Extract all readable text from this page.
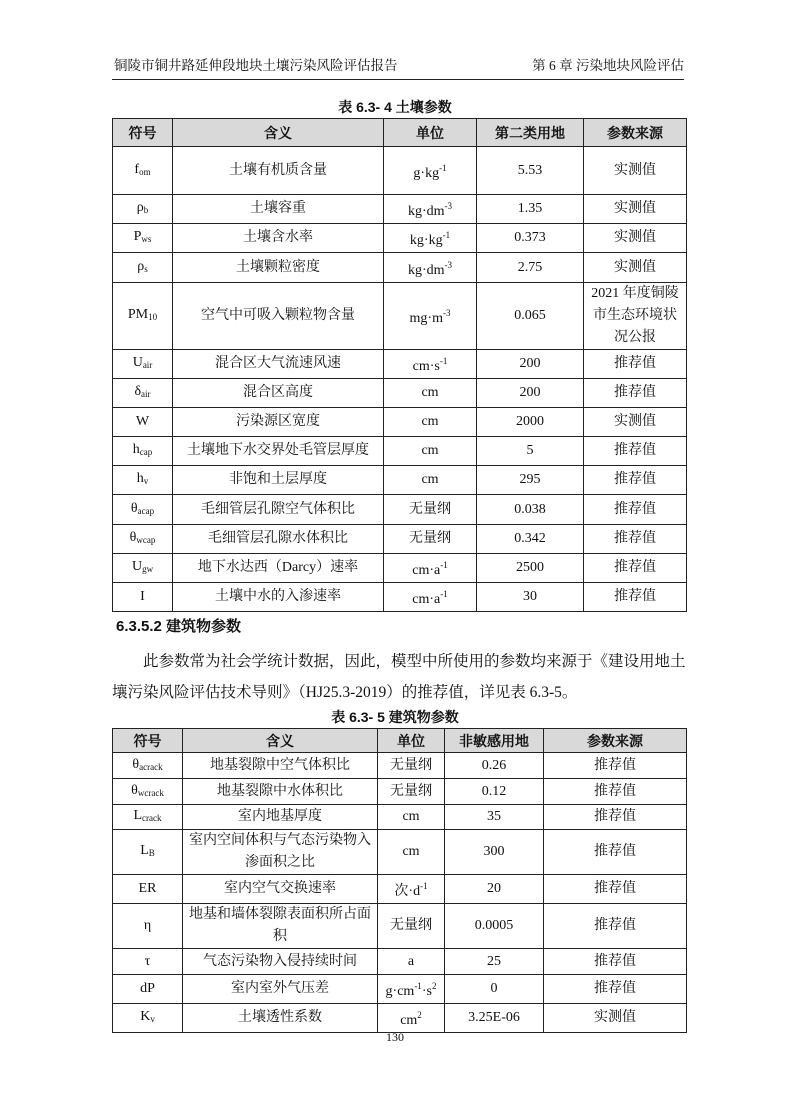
铜陵市铜井路延伸段地块土壤污染风险评估报告	第 6 章 污染地块风险评估
表 6.3- 4 土壤参数
符号	含义	单位	第二类用地	参数来源
$f_{om}$	土壤有机质含量	$g\cdot kg^{-1}$	5.53	实测值
$\rho_b$	土壤容重	$kg\cdot dm^{-3}$	1.35	实测值
$P_{ws}$	土壤含水率	$kg\cdot kg^{-1}$	0.373	实测值
$\rho_s$	土壤颗粒密度	$kg\cdot dm^{-3}$	2.75	实测值
$PM_{10}$	空气中可吸入颗粒物含量	$mg\cdot m^{-3}$	0.065	2021 年度铜陵市生态环境状况公报
$U_{air}$	混合区大气流速风速	$cm\cdot s^{-1}$	200	推荐值
$\delta_{air}$	混合区高度	cm	200	推荐值
W	污染源区宽度	cm	2000	实测值
$h_{cap}$	土壤地下水交界处毛管层厚度	cm	5	推荐值
$h_v$	非饱和土层厚度	cm	295	推荐值
$\theta_{acap}$	毛细管层孔隙空气体积比	无量纲	0.038	推荐值
$\theta_{wcap}$	毛细管层孔隙水体积比	无量纲	0.342	推荐值
$U_{gw}$	地下水达西（Darcy）速率	$cm\cdot a^{-1}$	2500	推荐值
I	土壤中水的入渗速率	$cm\cdot a^{-1}$	30	推荐值
6.3.5.2 建筑物参数
此参数常为社会学统计数据，因此，模型中所使用的参数均来源于《建设用地土壤污染风险评估技术导则》（HJ25.3-2019）的推荐值，详见表 6.3-5。
表 6.3- 5 建筑物参数
符号	含义	单位	非敏感用地	参数来源
$\theta_{acrack}$	地基裂隙中空气体积比	无量纲	0.26	推荐值
$\theta_{wcrack}$	地基裂隙中水体积比	无量纲	0.12	推荐值
$L_{crack}$	室内地基厚度	cm	35	推荐值
$L_B$	室内空间体积与气态污染物入渗面积之比	cm	300	推荐值
ER	室内空气交换速率	次$\cdot d^{-1}$	20	推荐值
η	地基和墙体裂隙表面积所占面积	无量纲	0.0005	推荐值
τ	气态污染物入侵持续时间	a	25	推荐值
dP	室内室外气压差	$g\cdot cm^{-1}\cdot s^2$	0	推荐值
$K_v$	土壤透性系数	$cm^2$	3.25E-06	实测值
130
